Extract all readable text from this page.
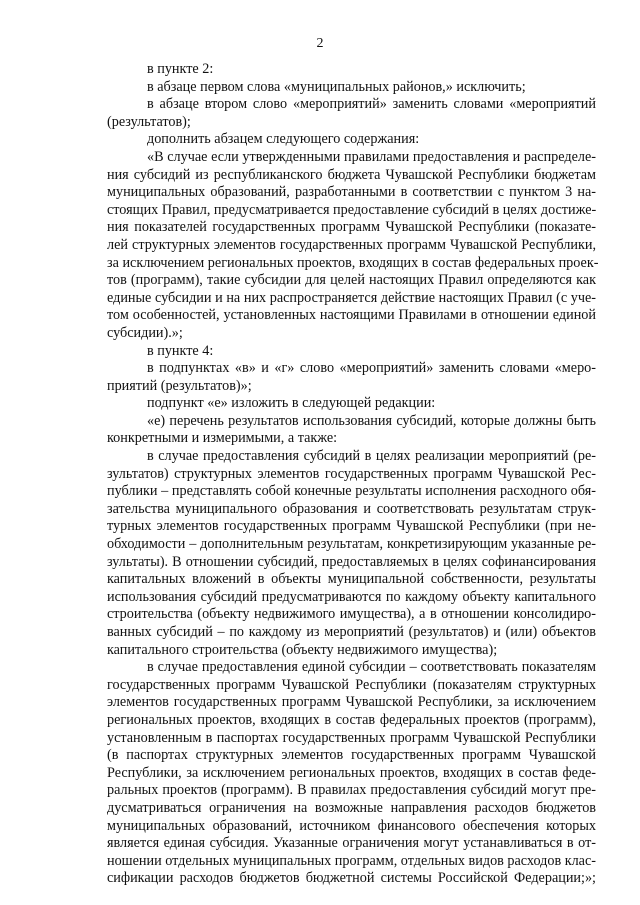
2
в пункте 2:
в абзаце первом слова «муниципальных районов,» исключить;
в абзаце втором слово «мероприятий» заменить словами «мероприятий
(результатов);
дополнить абзацем следующего содержания:
«В случае если утвержденными правилами предоставления и распределе-
ния субсидий из республиканского бюджета Чувашской Республики бюджетам
муниципальных образований, разработанными в соответствии с пунктом 3 на-
стоящих Правил, предусматривается предоставление субсидий в целях достиже-
ния показателей государственных программ Чувашской Республики (показате-
лей структурных элементов государственных программ Чувашской Республики,
за исключением региональных проектов, входящих в состав федеральных проек-
тов (программ), такие субсидии для целей настоящих Правил определяются как
единые субсидии и на них распространяется действие настоящих Правил (с уче-
том особенностей, установленных настоящими Правилами в отношении единой
субсидии).»;
в пункте 4:
в подпунктах «в» и «г» слово «мероприятий» заменить словами «меро-
приятий (результатов)»;
подпункт «е» изложить в следующей редакции:
«е) перечень результатов использования субсидий, которые должны быть
конкретными и измеримыми, а также:
в случае предоставления субсидий в целях реализации мероприятий (ре-
зультатов) структурных элементов государственных программ Чувашской Рес-
публики – представлять собой конечные результаты исполнения расходного обя-
зательства муниципального образования и соответствовать результатам струк-
турных элементов государственных программ Чувашской Республики (при не-
обходимости – дополнительным результатам, конкретизирующим указанные ре-
зультаты). В отношении субсидий, предоставляемых в целях софинансирования
капитальных вложений в объекты муниципальной собственности, результаты
использования субсидий предусматриваются по каждому объекту капитального
строительства (объекту недвижимого имущества), а в отношении консолидиро-
ванных субсидий – по каждому из мероприятий (результатов) и (или) объектов
капитального строительства (объекту недвижимого имущества);
в случае предоставления единой субсидии – соответствовать показателям
государственных программ Чувашской Республики (показателям структурных
элементов государственных программ Чувашской Республики, за исключением
региональных проектов, входящих в состав федеральных проектов (программ),
установленным в паспортах государственных программ Чувашской Республики
(в паспортах структурных элементов государственных программ Чувашской
Республики, за исключением региональных проектов, входящих в состав феде-
ральных проектов (программ). В правилах предоставления субсидий могут пре-
дусматриваться ограничения на возможные направления расходов бюджетов
муниципальных образований, источником финансового обеспечения которых
является единая субсидия. Указанные ограничения могут устанавливаться в от-
ношении отдельных муниципальных программ, отдельных видов расходов клас-
сификации расходов бюджетов бюджетной системы Российской Федерации;»;
